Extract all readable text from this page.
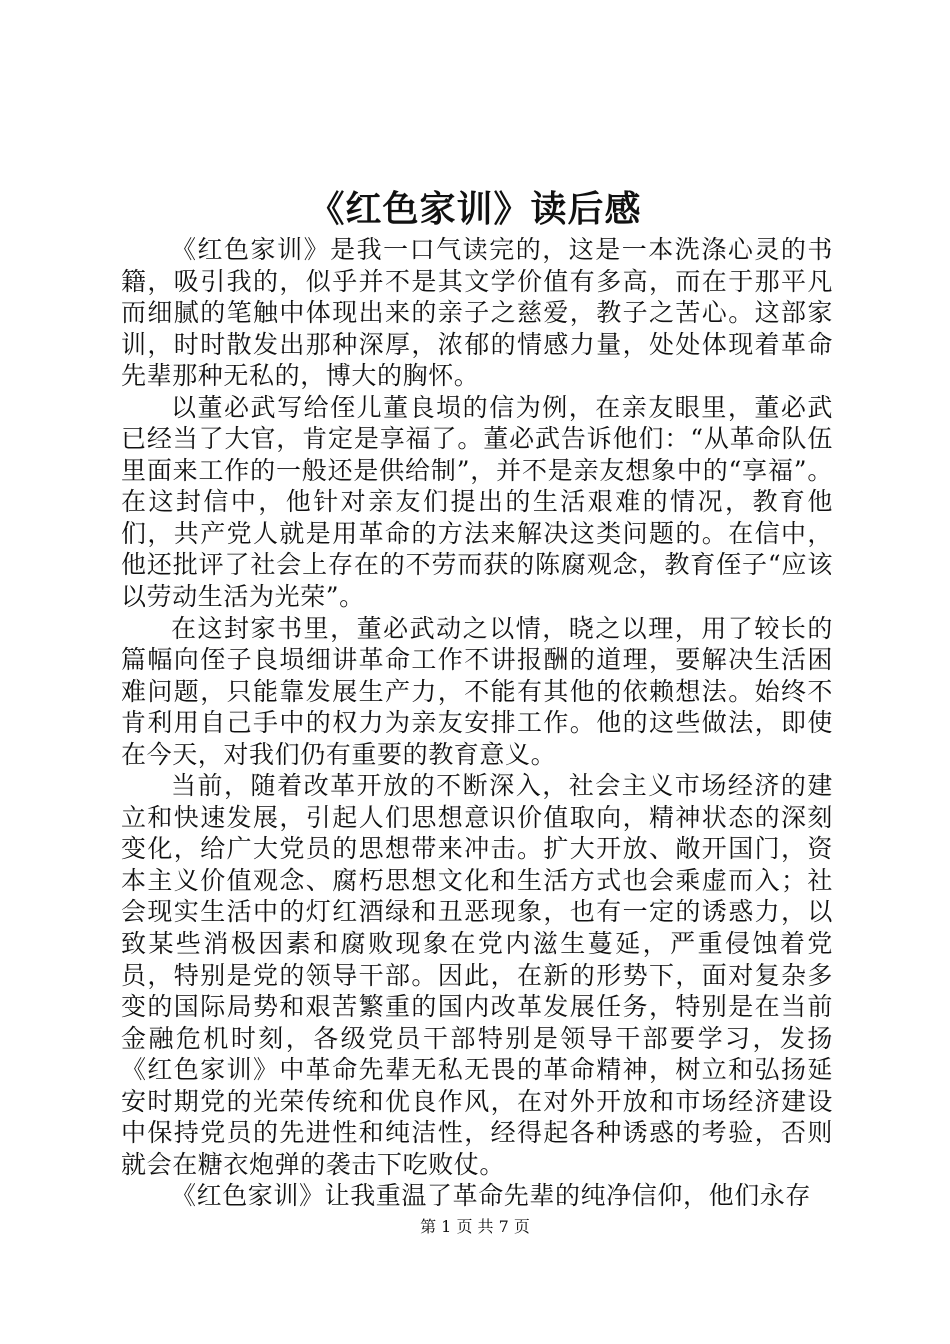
《红色家训》读后感

《红色家训》是我一口气读完的，这是一本洗涤心灵的书籍，吸引我的，似乎并不是其文学价值有多高，而在于那平凡而细腻的笔触中体现出来的亲子之慈爱，教子之苦心。这部家训，时时散发出那种深厚，浓郁的情感力量，处处体现着革命先辈那种无私的，博大的胸怀。

以董必武写给侄儿董良埙的信为例，在亲友眼里，董必武已经当了大官，肯定是享福了。董必武告诉他们：“从革命队伍里面来工作的一般还是供给制”，并不是亲友想象中的“享福”。在这封信中，他针对亲友们提出的生活艰难的情况，教育他们，共产党人就是用革命的方法来解决这类问题的。在信中，他还批评了社会上存在的不劳而获的陈腐观念，教育侄子“应该以劳动生活为光荣”。

在这封家书里，董必武动之以情，晓之以理，用了较长的篇幅向侄子良埙细讲革命工作不讲报酬的道理，要解决生活困难问题，只能靠发展生产力，不能有其他的依赖想法。始终不肯利用自己手中的权力为亲友安排工作。他的这些做法，即使在今天，对我们仍有重要的教育意义。

当前，随着改革开放的不断深入，社会主义市场经济的建立和快速发展，引起人们思想意识价值取向，精神状态的深刻变化，给广大党员的思想带来冲击。扩大开放、敞开国门，资本主义价值观念、腐朽思想文化和生活方式也会乘虚而入；社会现实生活中的灯红酒绿和丑恶现象，也有一定的诱惑力，以致某些消极因素和腐败现象在党内滋生蔓延，严重侵蚀着党员，特别是党的领导干部。因此，在新的形势下，面对复杂多变的国际局势和艰苦繁重的国内改革发展任务，特别是在当前金融危机时刻，各级党员干部特别是领导干部要学习，发扬《红色家训》中革命先辈无私无畏的革命精神，树立和弘扬延安时期党的光荣传统和优良作风，在对外开放和市场经济建设中保持党员的先进性和纯洁性，经得起各种诱惑的考验，否则就会在糖衣炮弹的袭击下吃败仗。

《红色家训》让我重温了革命先辈的纯净信仰，他们永存

第 1 页 共 7 页
